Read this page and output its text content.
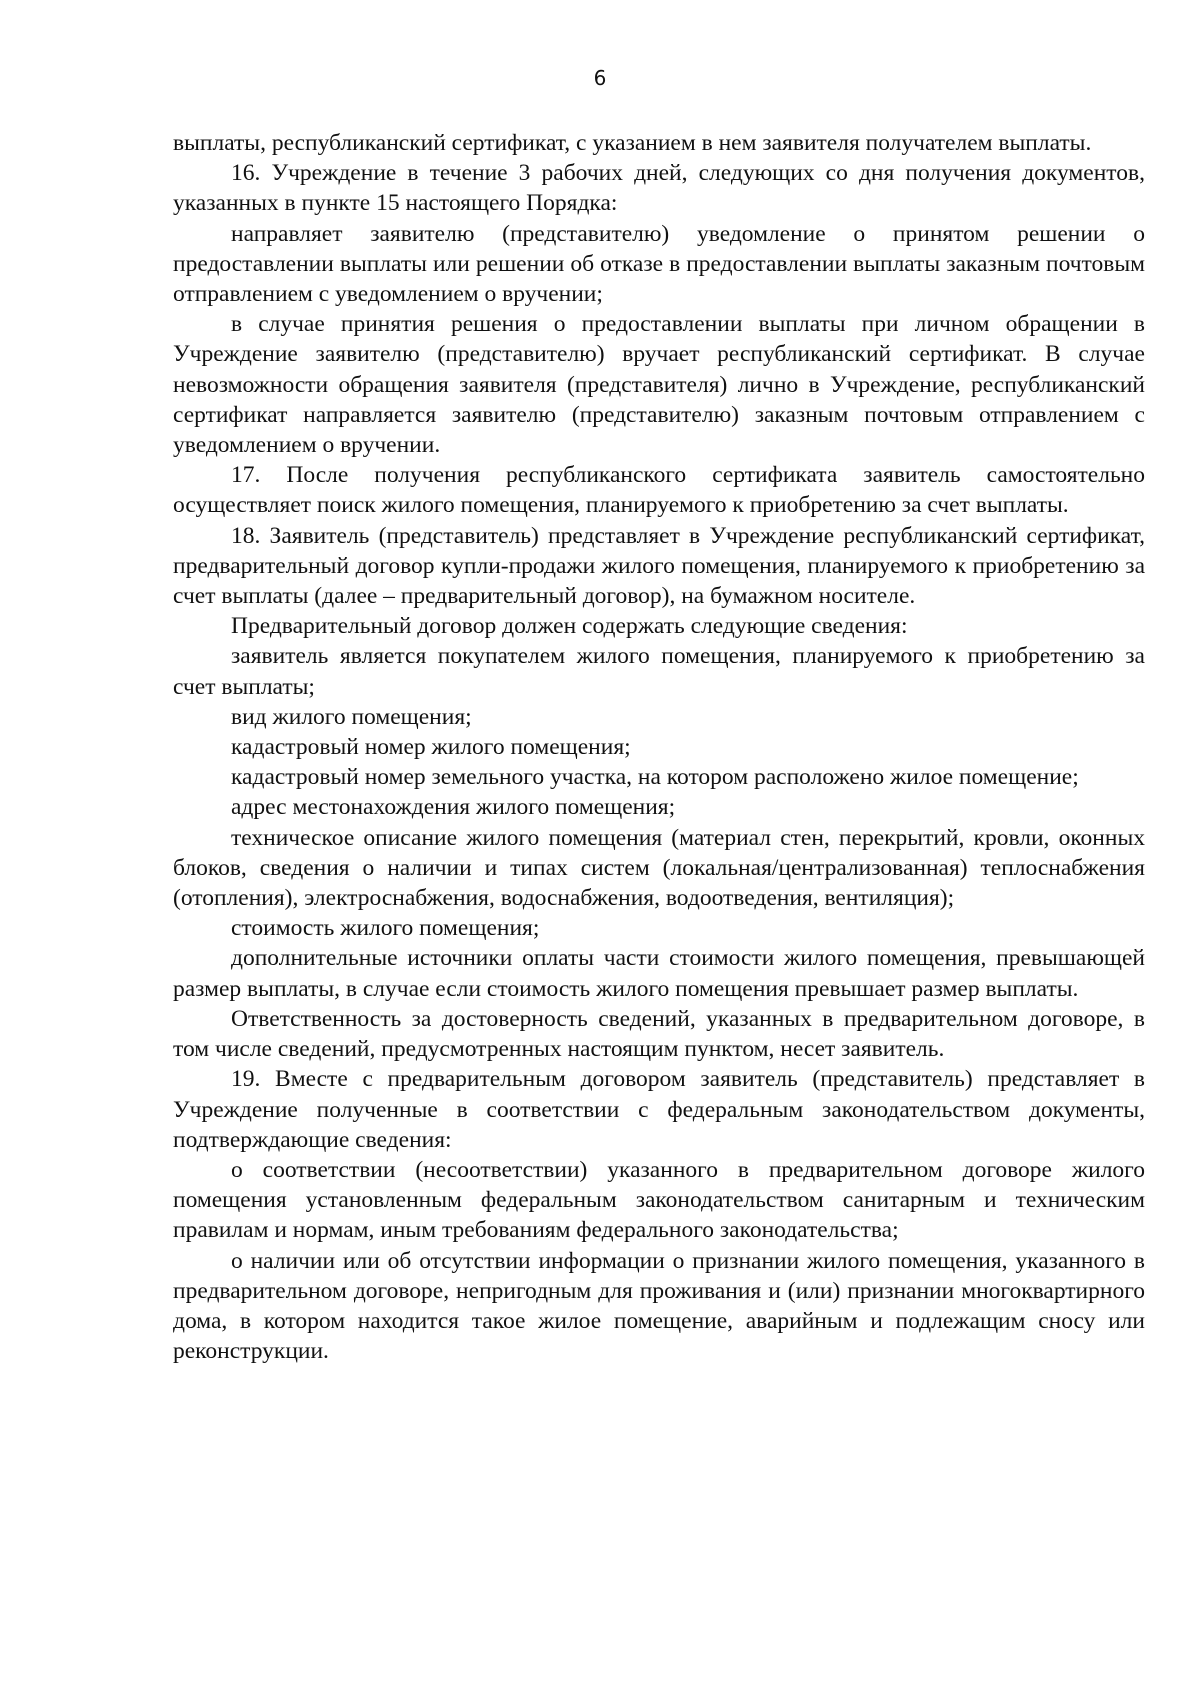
6

выплаты, республиканский сертификат, с указанием в нем заявителя получателем выплаты.

16. Учреждение в течение 3 рабочих дней, следующих со дня получения документов, указанных в пункте 15 настоящего Порядка:

направляет заявителю (представителю) уведомление о принятом решении о предоставлении выплаты или решении об отказе в предоставлении выплаты заказным почтовым отправлением с уведомлением о вручении;

в случае принятия решения о предоставлении выплаты при личном обращении в Учреждение заявителю (представителю) вручает республиканский сертификат. В случае невозможности обращения заявителя (представителя) лично в Учреждение, республиканский сертификат направляется заявителю (представителю) заказным почтовым отправлением с уведомлением о вручении.

17. После получения республиканского сертификата заявитель самостоятельно осуществляет поиск жилого помещения, планируемого к приобретению за счет выплаты.

18. Заявитель (представитель) представляет в Учреждение республиканский сертификат, предварительный договор купли-продажи жилого помещения, планируемого к приобретению за счет выплаты (далее – предварительный договор), на бумажном носителе.

Предварительный договор должен содержать следующие сведения:

заявитель является покупателем жилого помещения, планируемого к приобретению за счет выплаты;

вид жилого помещения;

кадастровый номер жилого помещения;

кадастровый номер земельного участка, на котором расположено жилое помещение;

адрес местонахождения жилого помещения;

техническое описание жилого помещения (материал стен, перекрытий, кровли, оконных блоков, сведения о наличии и типах систем (локальная/централизованная) теплоснабжения (отопления), электроснабжения, водоснабжения, водоотведения, вентиляция);

стоимость жилого помещения;

дополнительные источники оплаты части стоимости жилого помещения, превышающей размер выплаты, в случае если стоимость жилого помещения превышает размер выплаты.

Ответственность за достоверность сведений, указанных в предварительном договоре, в том числе сведений, предусмотренных настоящим пунктом, несет заявитель.

19. Вместе с предварительным договором заявитель (представитель) представляет в Учреждение полученные в соответствии с федеральным законодательством документы, подтверждающие сведения:

о соответствии (несоответствии) указанного в предварительном договоре жилого помещения установленным федеральным законодательством санитарным и техническим правилам и нормам, иным требованиям федерального законодательства;

о наличии или об отсутствии информации о признании жилого помещения, указанного в предварительном договоре, непригодным для проживания и (или) признании многоквартирного дома, в котором находится такое жилое помещение, аварийным и подлежащим сносу или реконструкции.
